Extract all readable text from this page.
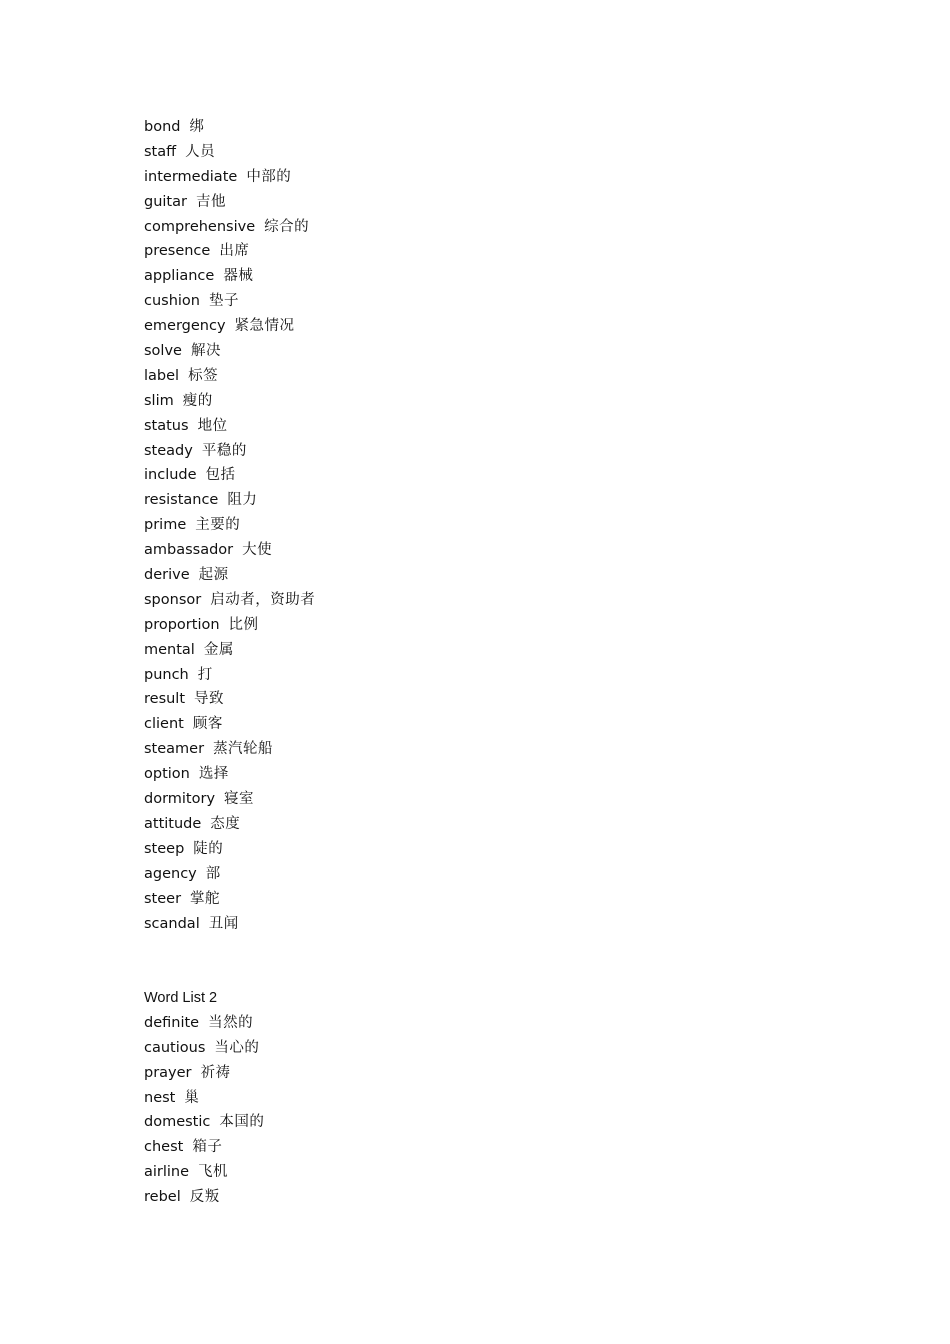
bond 绑
staff 人员
intermediate 中部的
guitar 吉他
comprehensive 综合的
presence 出席
appliance 器械
cushion 垫子
emergency 紧急情况
solve 解决
label 标签
slim 瘦的
status 地位
steady 平稳的
include 包括
resistance 阻力
prime 主要的
ambassador 大使
derive 起源
sponsor 启动者，资助者
proportion 比例
mental 金属
punch 打
result 导致
client 顾客
steamer 蒸汽轮船
option 选择
dormitory 寝室
attitude 态度
steep 陡的
agency 部
steer 掌舵
scandal 丑闻
Word List 2
definite 当然的
cautious 当心的
prayer 祈祷
nest 巢
domestic 本国的
chest 箱子
airline 飞机
rebel 反叛
